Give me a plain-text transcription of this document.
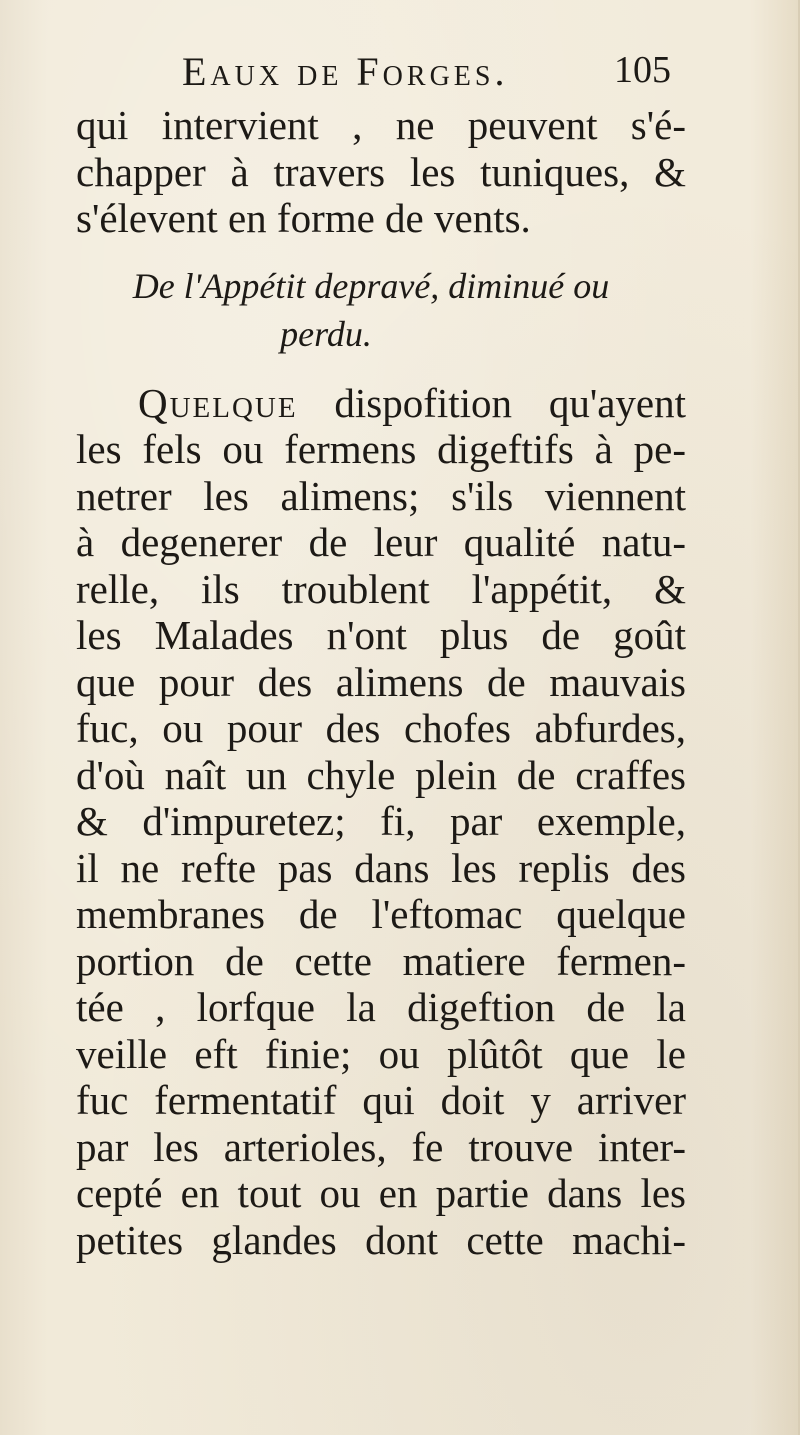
Eaux de Forges.	105
qui intervient , ne peuvent s'é-
chapper à travers les tuniques, &
s'élevent en forme de vents.
De l'Appétit depravé, diminué ou
perdu.
Quelque dispofition qu'ayent
les fels ou fermens digeftifs à pe-
netrer les alimens; s'ils viennent
à degenerer de leur qualité natu-
relle, ils troublent l'appétit, &
les Malades n'ont plus de goût
que pour des alimens de mauvais
fuc, ou pour des chofes abfurdes,
d'où naît un chyle plein de craffes
& d'impuretez; fi, par exemple,
il ne refte pas dans les replis des
membranes de l'eftomac quelque
portion de cette matiere fermen-
tée , lorfque la digeftion de la
veille eft finie; ou plûtôt que le
fuc fermentatif qui doit y arriver
par les arterioles, fe trouve inter-
cepté en tout ou en partie dans les
petites glandes dont cette machi-
